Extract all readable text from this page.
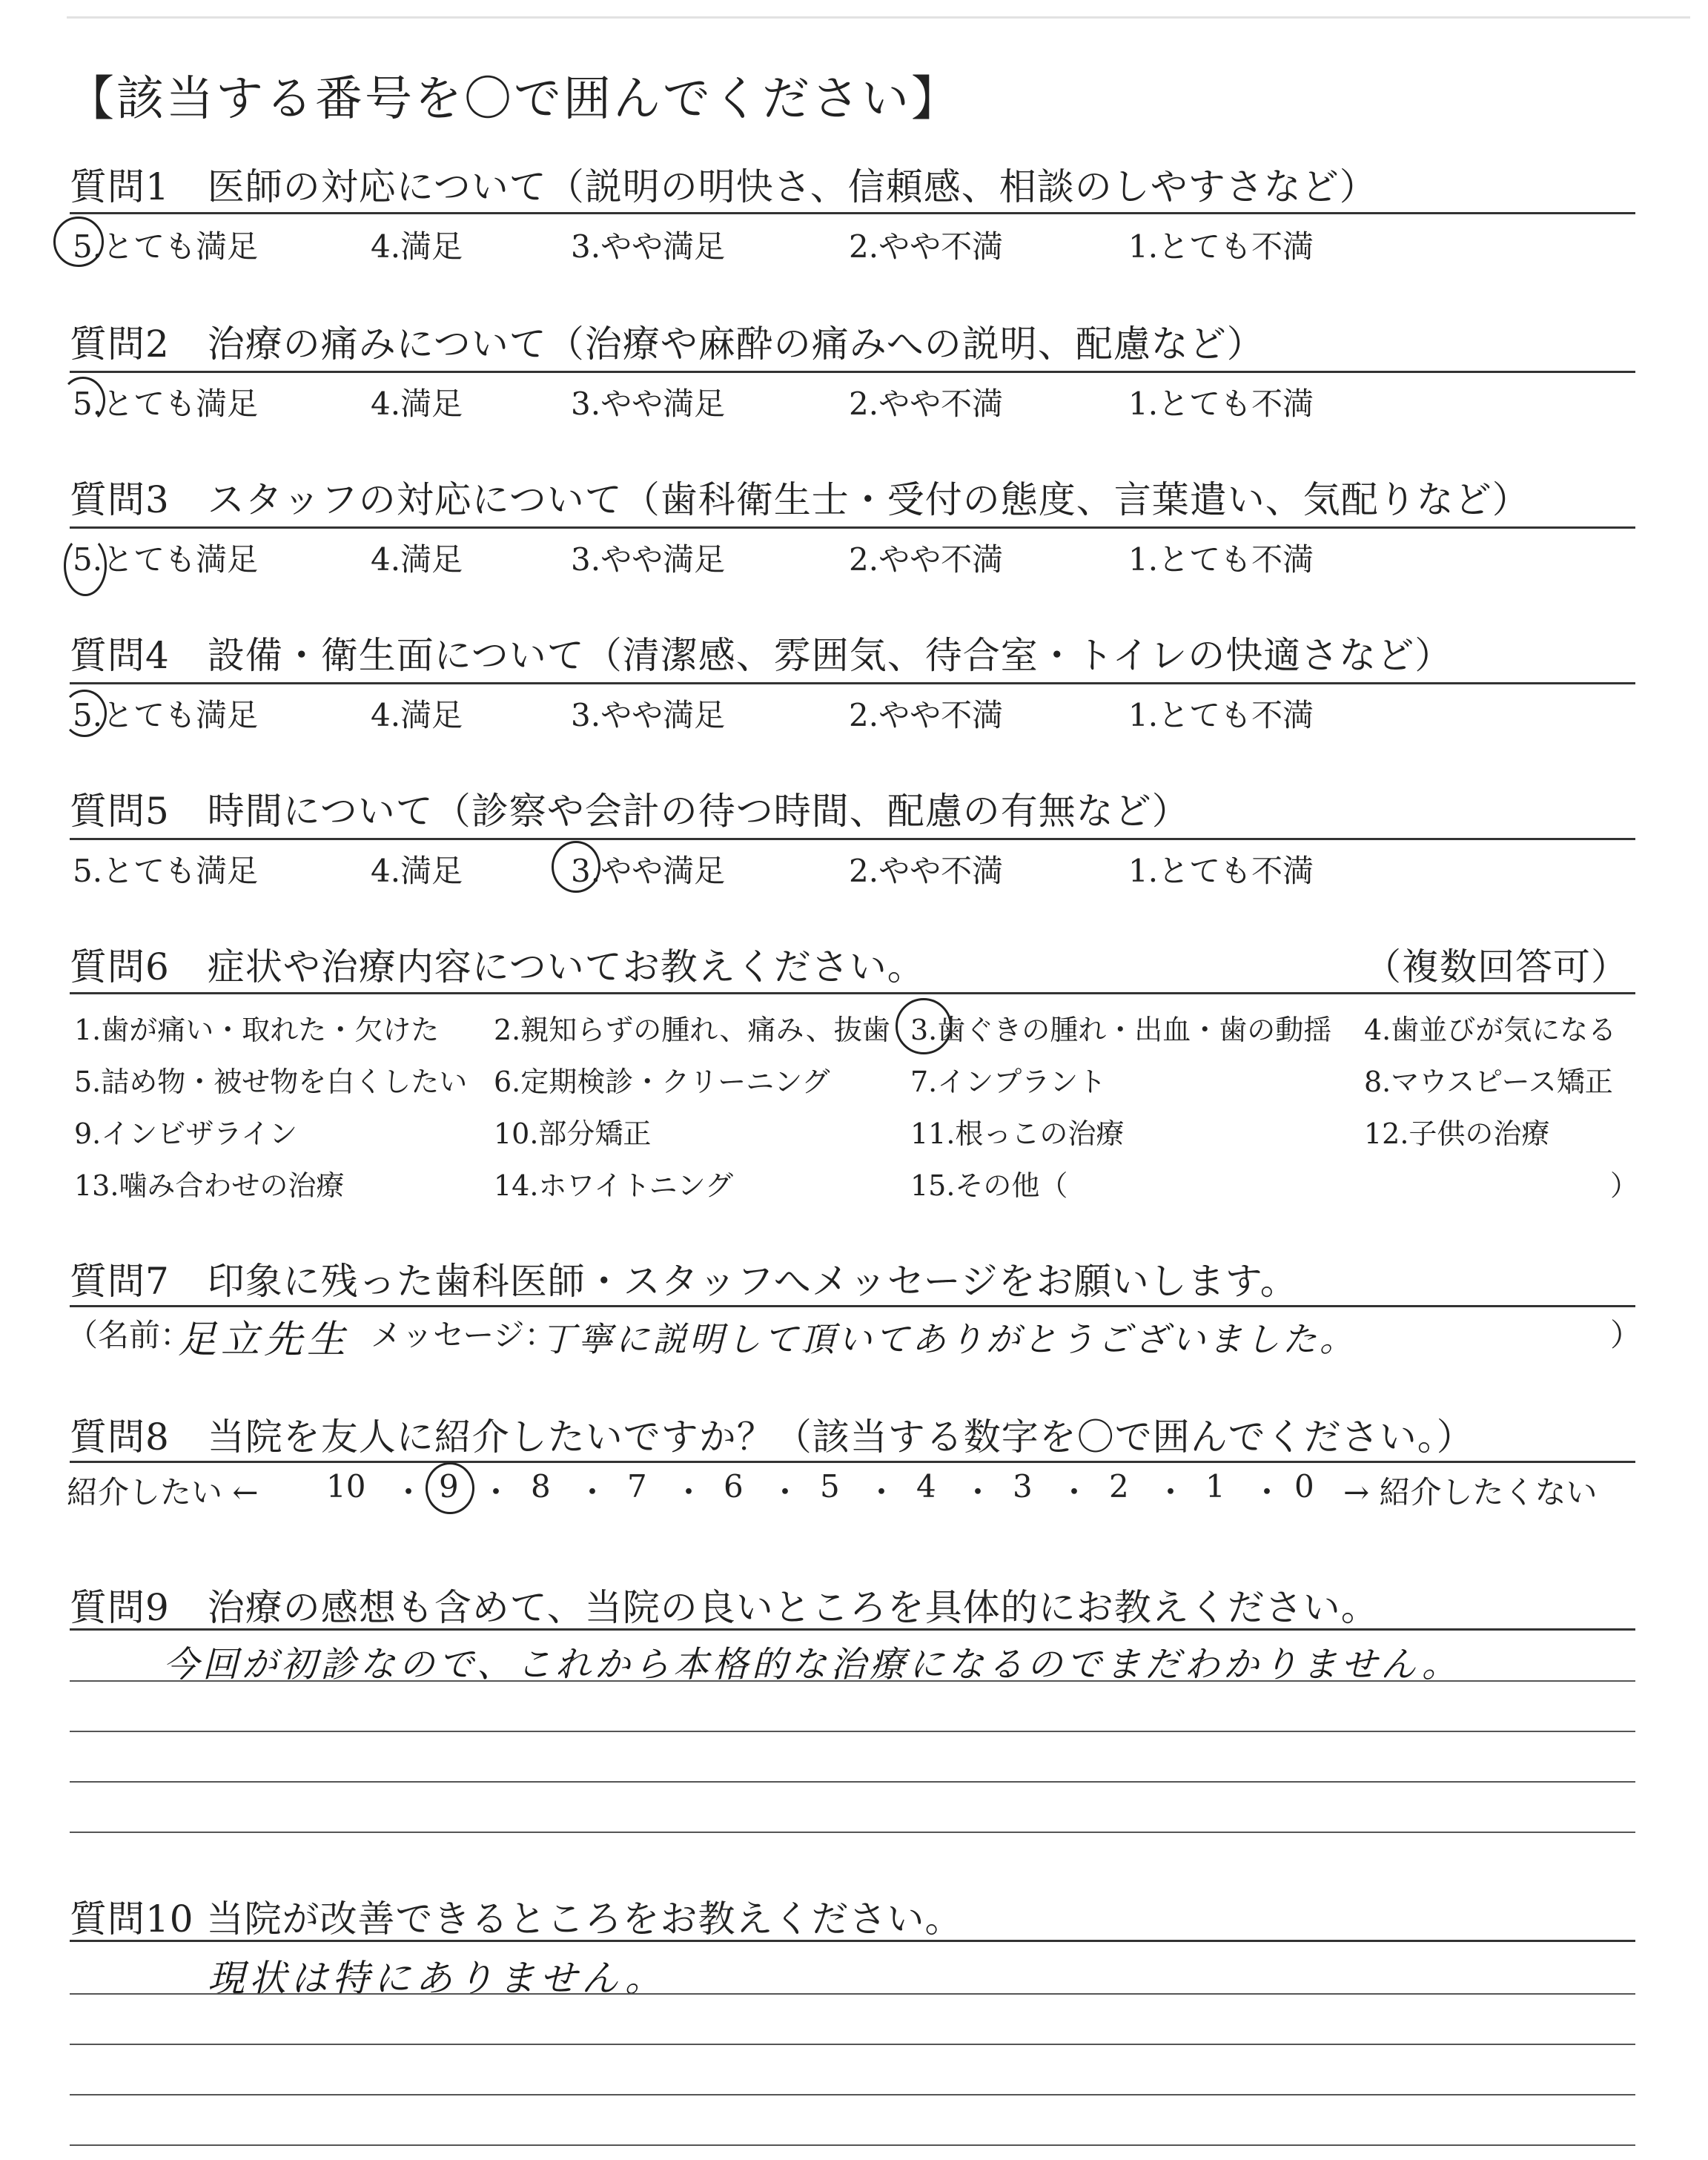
【該当する番号を〇で囲んでください】
質問1　医師の対応について（説明の明快さ、信頼感、相談のしやすさなど）
5.とても満足	4.満足	3.やや満足	2.やや不満	1.とても不満
質問2　治療の痛みについて（治療や麻酔の痛みへの説明、配慮など）
5.とても満足	4.満足	3.やや満足	2.やや不満	1.とても不満
質問3　スタッフの対応について（歯科衛生士・受付の態度、言葉遣い、気配りなど）
5.とても満足	4.満足	3.やや満足	2.やや不満	1.とても不満
質問4　設備・衛生面について（清潔感、雰囲気、待合室・トイレの快適さなど）
5.とても満足	4.満足	3.やや満足	2.やや不満	1.とても不満
質問5　時間について（診察や会計の待つ時間、配慮の有無など）
5.とても満足	4.満足	3.やや満足	2.やや不満	1.とても不満
質問6　症状や治療内容についてお教えください。	（複数回答可）
1.歯が痛い・取れた・欠けた 2.親知らずの腫れ、痛み、抜歯 3.歯ぐきの腫れ・出血・歯の動揺 4.歯並びが気になる
5.詰め物・被せ物を白くしたい 6.定期検診・クリーニング	7.インプラント	8.マウスピース矯正
9.インビザライン	10.部分矯正	11.根っこの治療	12.子供の治療
13.噛み合わせの治療	14.ホワイトニング	15.その他（	）
質問7　印象に残った歯科医師・スタッフへメッセージをお願いします。
（名前：
足立先生 メッセージ：
丁寧に説明して頂いてありがとうございました。	）
質問8　当院を友人に紹介したいですか？（該当する数字を〇で囲んでください。）
紹介したい ← 10 ・ 9 ・ 8 ・ 7 ・ 6 ・ 5 ・ 4 ・ 3 ・ 2 ・ 1 ・ 0 → 紹介したくない
質問9　治療の感想も含めて、当院の良いところを具体的にお教えください。
今回が初診なので、これから本格的な治療になるのでまだわかりません。
質問10 当院が改善できるところをお教えください。
現状は特にありません。
